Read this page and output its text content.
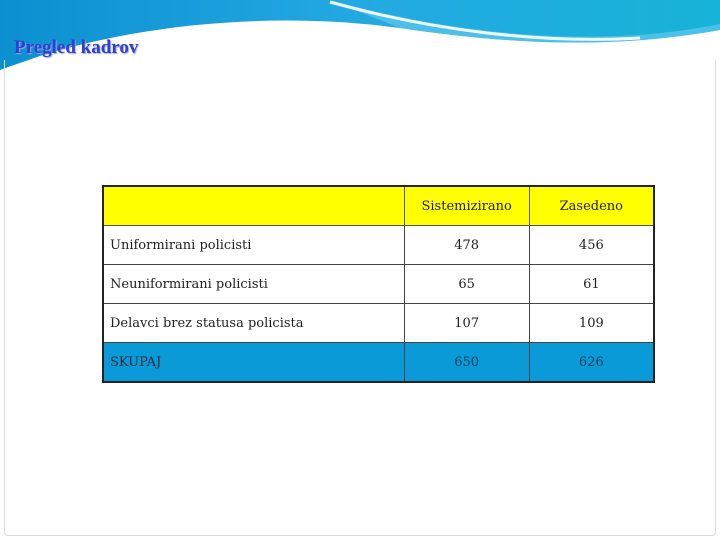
Pregled kadrov
	Sistemizirano	Zasedeno
Uniformirani policisti	478	456
Neuniformirani policisti	65	61
Delavci brez statusa policista	107	109
SKUPAJ	650	626
